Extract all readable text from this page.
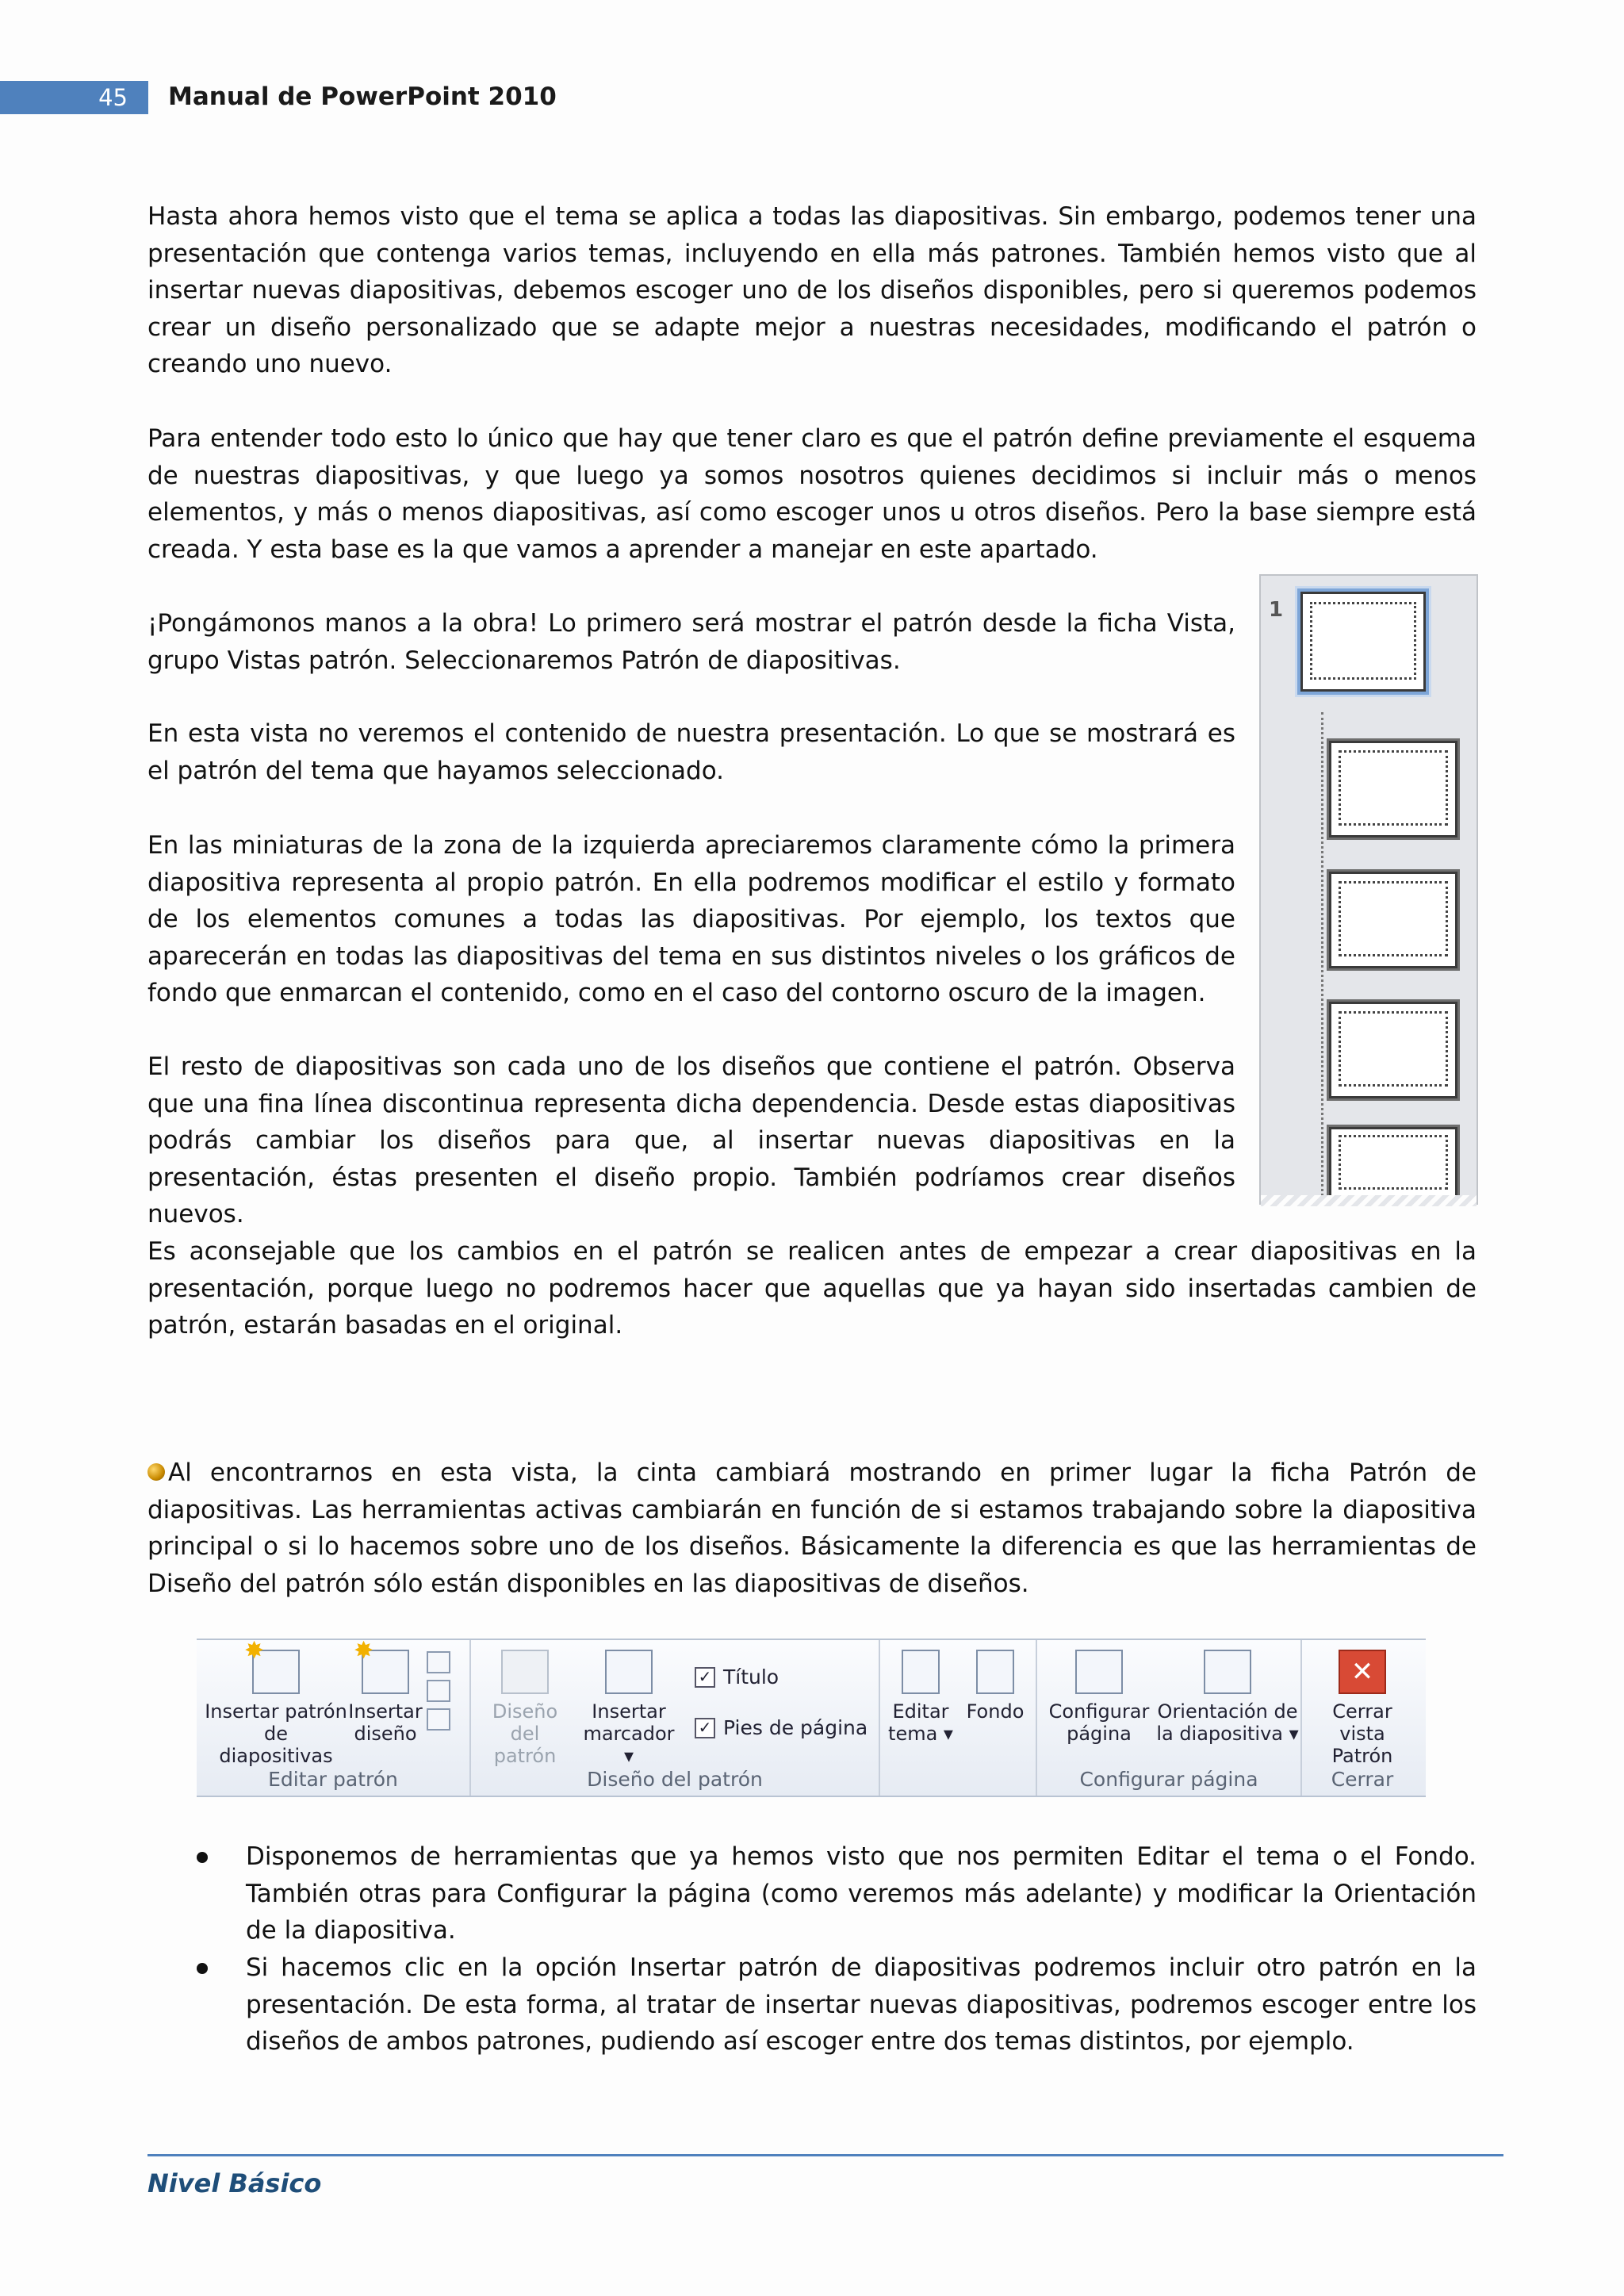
45 Manual de PowerPoint 2010

Hasta ahora hemos visto que el tema se aplica a todas las diapositivas. Sin embargo, podemos tener una presentación que contenga varios temas, incluyendo en ella más patrones. También hemos visto que al insertar nuevas diapositivas, debemos escoger uno de los diseños disponibles, pero si queremos podemos crear un diseño personalizado que se adapte mejor a nuestras necesidades, modificando el patrón o creando uno nuevo.

Para entender todo esto lo único que hay que tener claro es que el patrón define previamente el esquema de nuestras diapositivas, y que luego ya somos nosotros quienes decidimos si incluir más o menos elementos, y más o menos diapositivas, así como escoger unos u otros diseños. Pero la base siempre está creada. Y esta base es la que vamos a aprender a manejar en este apartado.

¡Pongámonos manos a la obra! Lo primero será mostrar el patrón desde la ficha Vista, grupo Vistas patrón. Seleccionaremos Patrón de diapositivas.

En esta vista no veremos el contenido de nuestra presentación. Lo que se mostrará es el patrón del tema que hayamos seleccionado.

En las miniaturas de la zona de la izquierda apreciaremos claramente cómo la primera diapositiva representa al propio patrón. En ella podremos modificar el estilo y formato de los elementos comunes a todas las diapositivas. Por ejemplo, los textos que aparecerán en todas las diapositivas del tema en sus distintos niveles o los gráficos de fondo que enmarcan el contenido, como en el caso del contorno oscuro de la imagen.

El resto de diapositivas son cada uno de los diseños que contiene el patrón. Observa que una fina línea discontinua representa dicha dependencia. Desde estas diapositivas podrás cambiar los diseños para que, al insertar nuevas diapositivas en la presentación, éstas presenten el diseño propio. También podríamos crear diseños nuevos.

Es aconsejable que los cambios en el patrón se realicen antes de empezar a crear diapositivas en la presentación, porque luego no podremos hacer que aquellas que ya hayan sido insertadas cambien de patrón, estarán basadas en el original.

1

Al encontrarnos en esta vista, la cinta cambiará mostrando en primer lugar la ficha Patrón de diapositivas. Las herramientas activas cambiarán en función de si estamos trabajando sobre la diapositiva principal o si lo hacemos sobre uno de los diseños. Básicamente la diferencia es que las herramientas de Diseño del patrón sólo están disponibles en las diapositivas de diseños.

✸
Insertar patrón de diapositivas
✸
Insertar diseño
Editar patrón
Diseño del patrón
Insertar marcador ▾
✓ Título
✓ Pies de página
Diseño del patrón
Editar tema ▾
Fondo	Configurar página
Orientación de la diapositiva ▾
Configurar página
✕
Cerrar vista Patrón
Cerrar

Disponemos de herramientas que ya hemos visto que nos permiten Editar el tema o el Fondo. También otras para Configurar la página (como veremos más adelante) y modificar la Orientación de la diapositiva.

Si hacemos clic en la opción Insertar patrón de diapositivas podremos incluir otro patrón en la presentación. De esta forma, al tratar de insertar nuevas diapositivas, podremos escoger entre los diseños de ambos patrones, pudiendo así escoger entre dos temas distintos, por ejemplo.

Nivel Básico
